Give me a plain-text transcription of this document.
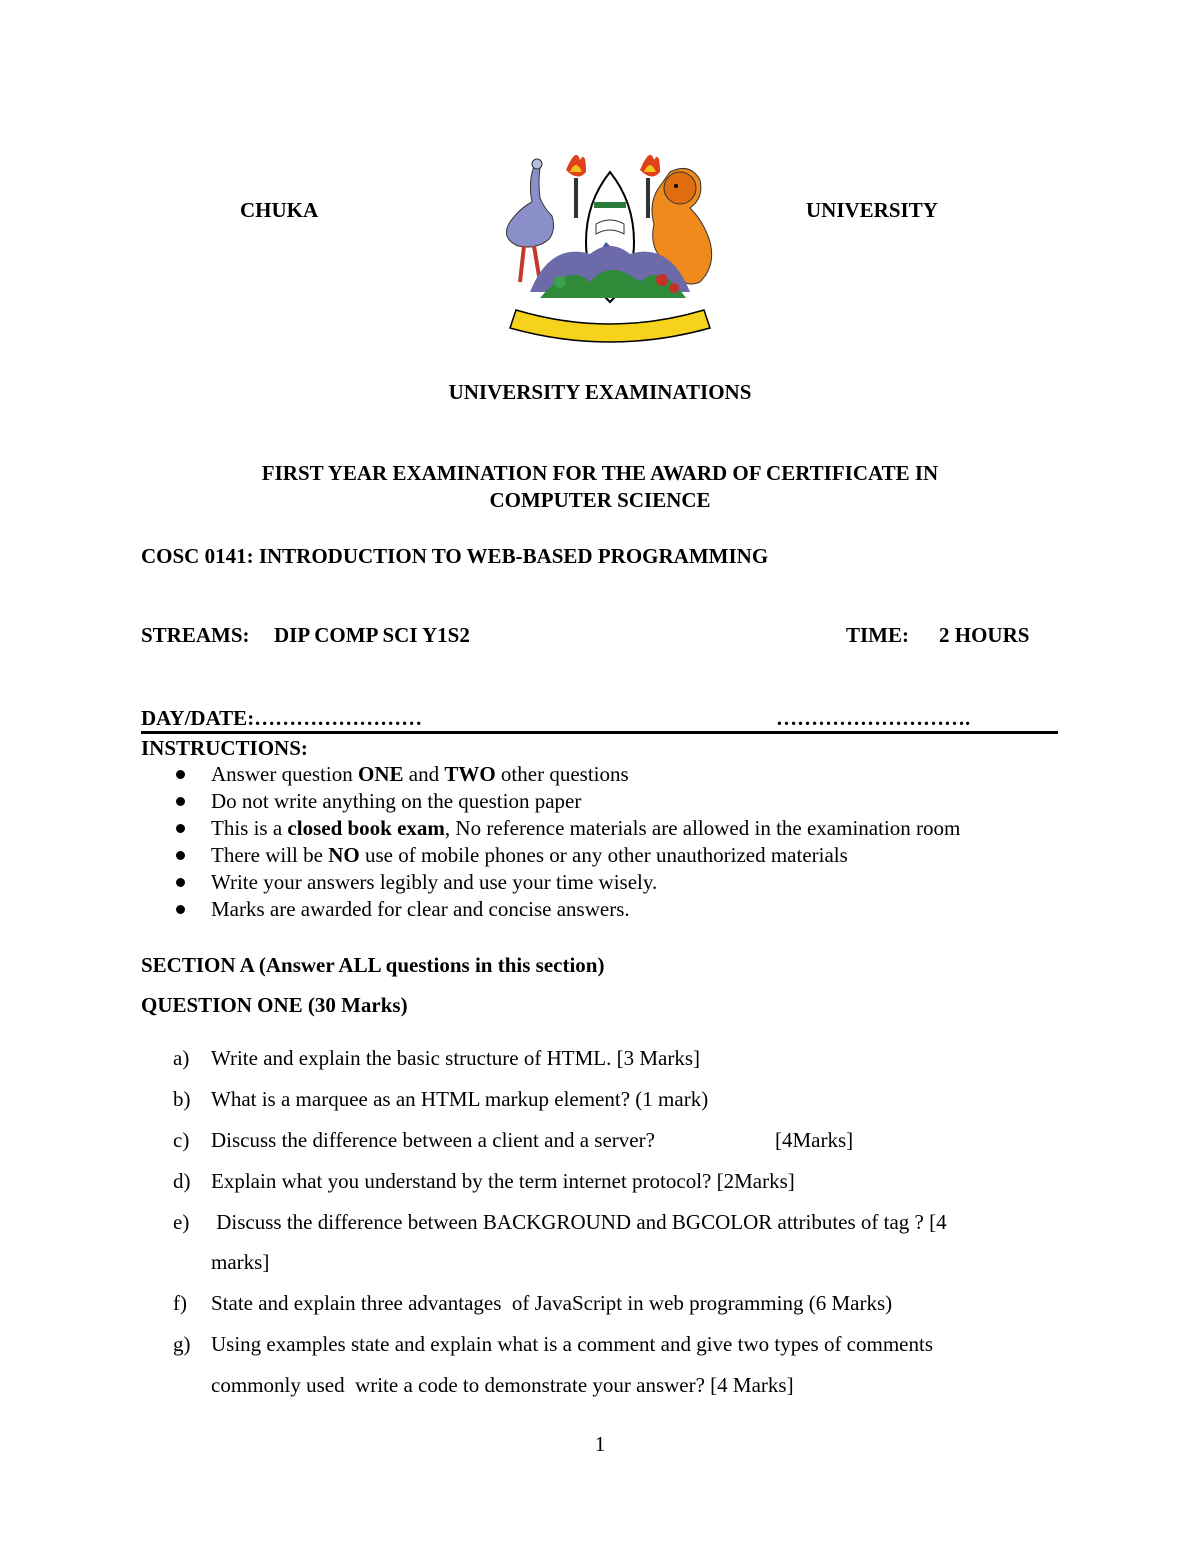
CHUKA	UNIVERSITY
UNIVERSITY EXAMINATIONS
FIRST YEAR EXAMINATION FOR THE AWARD OF CERTIFICATE IN
COMPUTER SCIENCE
COSC 0141: INTRODUCTION TO WEB-BASED PROGRAMMING
STREAMS: DIP COMP SCI Y1S2	TIME: 2 HOURS
DAY/DATE:……………………	……………………….
INSTRUCTIONS:
Answer question ONE and TWO other questions
Do not write anything on the question paper
This is a closed book exam, No reference materials are allowed in the examination room
There will be NO use of mobile phones or any other unauthorized materials
Write your answers legibly and use your time wisely.
Marks are awarded for clear and concise answers.
SECTION A (Answer ALL questions in this section)
QUESTION ONE (30 Marks)
a) Write and explain the basic structure of HTML. [3 Marks]
b) What is a marquee as an HTML markup element? (1 mark)
c) Discuss the difference between a client and a server?	[4Marks]
d) Explain what you understand by the term internet protocol? [2Marks]
e) Discuss the difference between BACKGROUND and BGCOLOR attributes of tag ? [4
marks]
f) State and explain three advantages  of JavaScript in web programming (6 Marks)
g) Using examples state and explain what is a comment and give two types of comments
commonly used  write a code to demonstrate your answer? [4 Marks]
1
